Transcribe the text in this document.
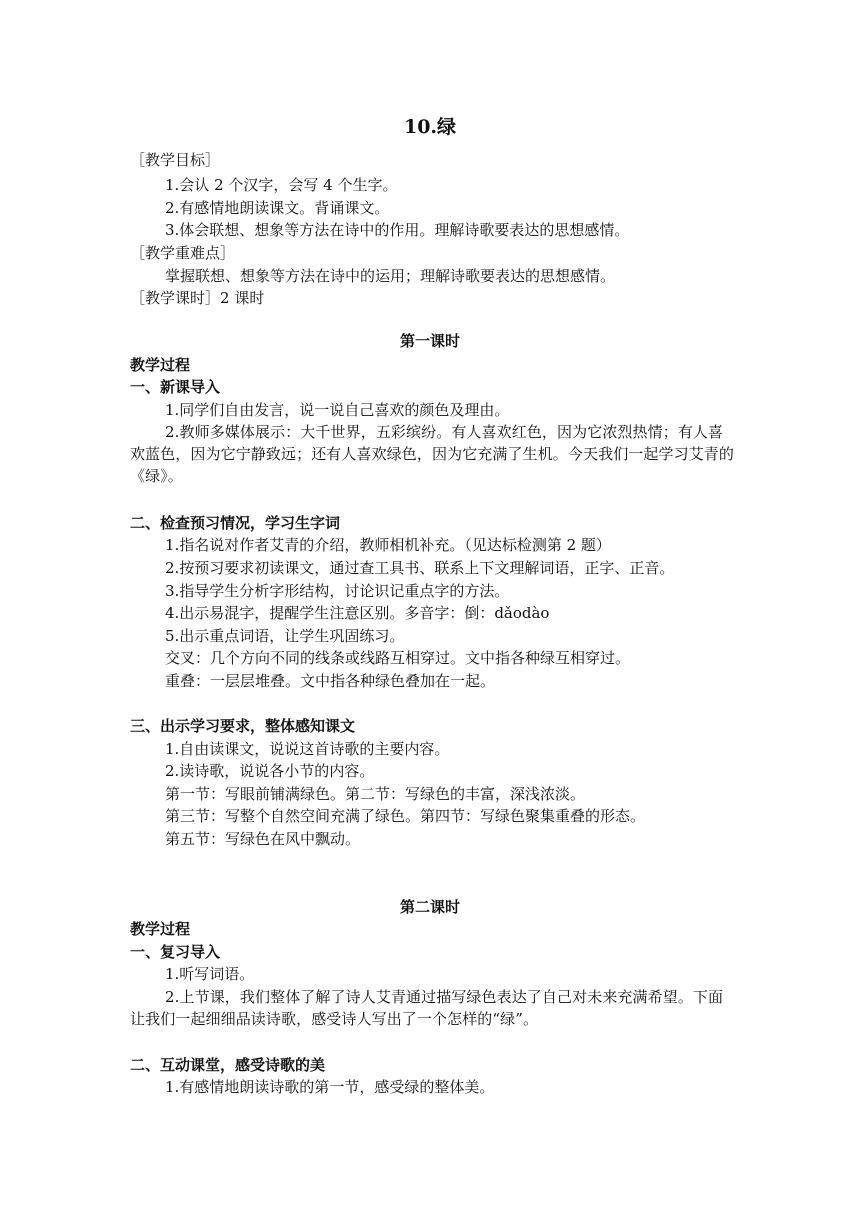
10.绿
［教学目标］
1.会认 2 个汉字，会写 4 个生字。
2.有感情地朗读课文。背诵课文。
3.体会联想、想象等方法在诗中的作用。理解诗歌要表达的思想感情。
［教学重难点］
掌握联想、想象等方法在诗中的运用；理解诗歌要表达的思想感情。
［教学课时］2 课时
第一课时
教学过程
一、新课导入
1.同学们自由发言，说一说自己喜欢的颜色及理由。
2.教师多媒体展示：大千世界，五彩缤纷。有人喜欢红色，因为它浓烈热情；有人喜欢蓝色，因为它宁静致远；还有人喜欢绿色，因为它充满了生机。今天我们一起学习艾青的《绿》。
二、检查预习情况，学习生字词
1.指名说对作者艾青的介绍，教师相机补充。（见达标检测第 2 题）
2.按预习要求初读课文，通过查工具书、联系上下文理解词语，正字、正音。
3.指导学生分析字形结构，讨论识记重点字的方法。
4.出示易混字，提醒学生注意区别。多音字：倒：dǎodào
5.出示重点词语，让学生巩固练习。
交叉：几个方向不同的线条或线路互相穿过。文中指各种绿互相穿过。
重叠：一层层堆叠。文中指各种绿色叠加在一起。
三、出示学习要求，整体感知课文
1.自由读课文，说说这首诗歌的主要内容。
2.读诗歌，说说各小节的内容。
第一节：写眼前铺满绿色。第二节：写绿色的丰富，深浅浓淡。
第三节：写整个自然空间充满了绿色。第四节：写绿色聚集重叠的形态。
第五节：写绿色在风中飘动。
第二课时
教学过程
一、复习导入
1.听写词语。
2.上节课，我们整体了解了诗人艾青通过描写绿色表达了自己对未来充满希望。下面让我们一起细细品读诗歌，感受诗人写出了一个怎样的“绿”。
二、互动课堂，感受诗歌的美
1.有感情地朗读诗歌的第一节，感受绿的整体美。
